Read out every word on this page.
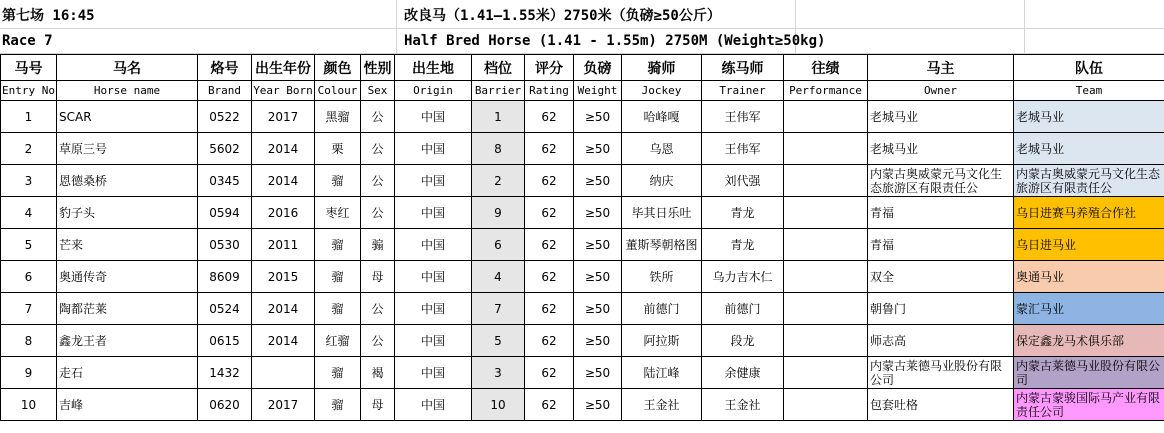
第七场 16:45	改良马（1.41—1.55米）2750米（负磅≥50公斤）
Race 7	Half Bred Horse (1.41 - 1.55m) 2750M (Weight≥50kg)
马号	马名	烙号	出生年份	颜色	性别	出生地	档位	评分	负磅	骑师	练马师	往绩	马主	队伍
Entry No	Horse name	Brand	Year Born	Colour	Sex	Origin	Barrier	Rating	Weight	Jockey	Trainer	Performance	Owner	Team
1	SCAR	0522	2017	黑骝	公	中国	1	62	≥50	哈峰嘎	王伟军		老城马业	老城马业
2	草原三号	5602	2014	栗	公	中国	8	62	≥50	乌恩	王伟军		老城马业	老城马业
3	恩德桑桥	0345	2014	骝	公	中国	2	62	≥50	纳庆	刘代强		内蒙古奥威蒙元马文化生态旅游区有限责任公	内蒙古奥威蒙元马文化生态旅游区有限责任公
4	豹子头	0594	2016	枣红	公	中国	9	62	≥50	毕其日乐吐	青龙		青福	乌日进赛马养殖合作社
5	芒来	0530	2011	骝	骟	中国	6	62	≥50	董斯琴朝格图	青龙		青福	乌日进马业
6	奥通传奇	8609	2015	骝	母	中国	4	62	≥50	铁所	乌力吉木仁		双全	奥通马业
7	陶都茫莱	0524	2014	骝	公	中国	7	62	≥50	前德门	前德门		朝鲁门	蒙汇马业
8	鑫龙王者	0615	2014	红骝	公	中国	5	62	≥50	阿拉斯	段龙		师志高	保定鑫龙马术俱乐部
9	走石	1432		骝	褐	中国	3	62	≥50	陆江峰	余健康		内蒙古莱德马业股份有限公司	内蒙古莱德马业股份有限公司
10	吉峰	0620	2017	骝	母	中国	10	62	≥50	王金社	王金社		包套吐格	内蒙古蒙骏国际马产业有限责任公司
